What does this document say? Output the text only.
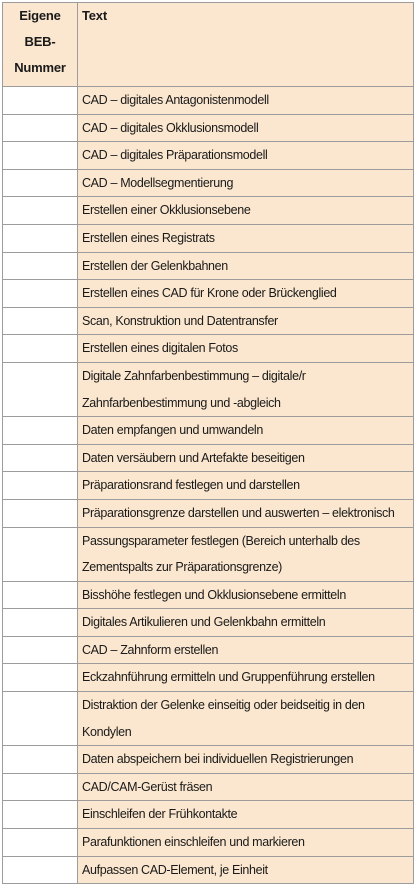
Eigene BEB-Nummer	Text
	CAD – digitales Antagonistenmodell
	CAD – digitales Okklusionsmodell
	CAD – digitales Präparationsmodell
	CAD – Modellsegmentierung
	Erstellen einer Okklusionsebene
	Erstellen eines Registrats
	Erstellen der Gelenkbahnen
	Erstellen eines CAD für Krone oder Brückenglied
	Scan, Konstruktion und Datentransfer
	Erstellen eines digitalen Fotos
	Digitale Zahnfarbenbestimmung – digitale/r Zahnfarbenbestimmung und -abgleich
	Daten empfangen und umwandeln
	Daten versäubern und Artefakte beseitigen
	Präparationsrand festlegen und darstellen
	Präparationsgrenze darstellen und auswerten – elektronisch
	Passungsparameter festlegen (Bereich unterhalb des Zementspalts zur Präparationsgrenze)
	Bisshöhe festlegen und Okklusionsebene ermitteln
	Digitales Artikulieren und Gelenkbahn ermitteln
	CAD – Zahnform erstellen
	Eckzahnführung ermitteln und Gruppenführung erstellen
	Distraktion der Gelenke einseitig oder beidseitig in den Kondylen
	Daten abspeichern bei individuellen Registrierungen
	CAD/CAM-Gerüst fräsen
	Einschleifen der Frühkontakte
	Parafunktionen einschleifen und markieren
	Aufpassen CAD-Element, je Einheit
